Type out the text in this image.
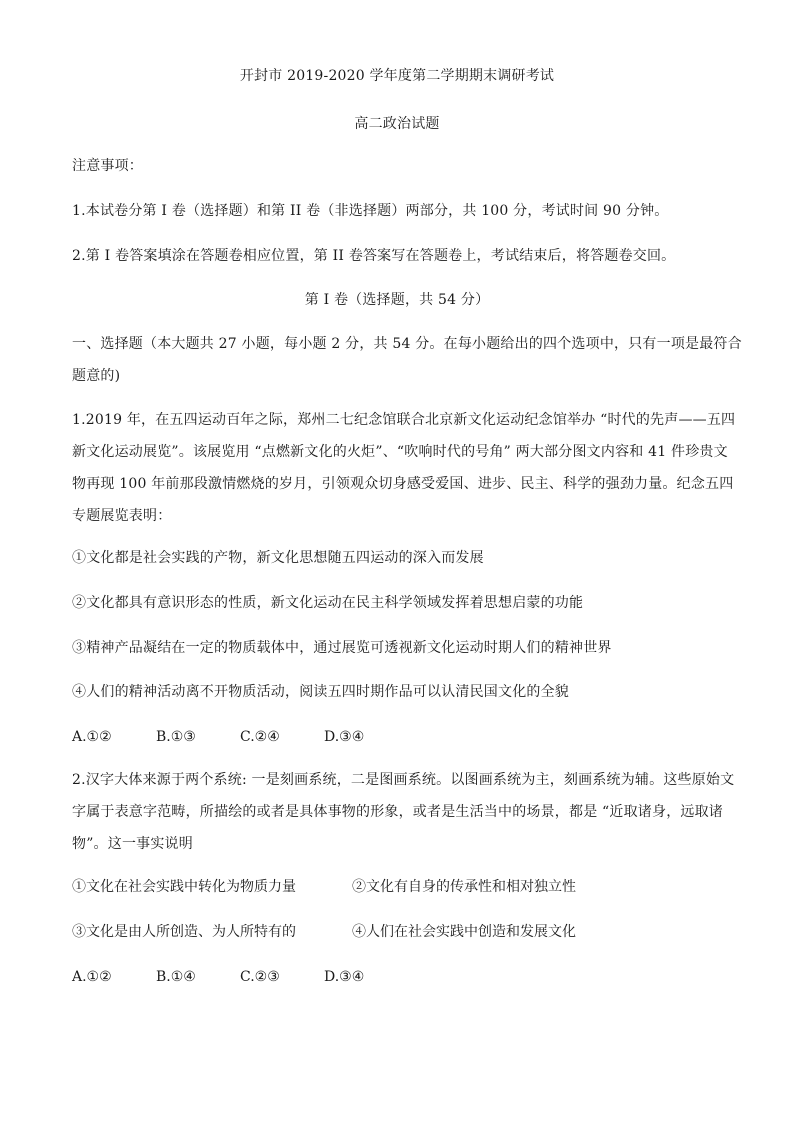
开封市 2019-2020 学年度第二学期期末调研考试
高二政治试题
注意事项：
1.本试卷分第 I 卷（选择题）和第 II 卷（非选择题）两部分，共 100 分，考试时间 90 分钟。
2.第 I 卷答案填涂在答题卷相应位置，第 II 卷答案写在答题卷上，考试结束后，将答题卷交回。
第 I 卷（选择题，共 54 分）
一、选择题（本大题共 27 小题，每小题 2 分，共 54 分。在每小题给出的四个选项中，只有一项是最符合
题意的)
1.2019 年，在五四运动百年之际，郑州二七纪念馆联合北京新文化运动纪念馆举办 “时代的先声——五四
新文化运动展览”。该展览用 “点燃新文化的火炬”、“吹响时代的号角” 两大部分图文内容和 41 件珍贵文
物再现 100 年前那段激情燃烧的岁月，引领观众切身感受爱国、进步、民主、科学的强劲力量。纪念五四
专题展览表明：
①文化都是社会实践的产物，新文化思想随五四运动的深入而发展
②文化都具有意识形态的性质，新文化运动在民主科学领域发挥着思想启蒙的功能
③精神产品凝结在一定的物质载体中，通过展览可透视新文化运动时期人们的精神世界
④人们的精神活动离不开物质活动，阅读五四时期作品可以认清民国文化的全貌
A.①②	B.①③	C.②④	D.③④
2.汉字大体来源于两个系统: 一是刻画系统，二是图画系统。以图画系统为主，刻画系统为辅。这些原始文
字属于表意字范畴，所描绘的或者是具体事物的形象，或者是生活当中的场景，都是 “近取诸身，远取诸
物”。这一事实说明
①文化在社会实践中转化为物质力量	②文化有自身的传承性和相对独立性
③文化是由人所创造、为人所特有的	④人们在社会实践中创造和发展文化
A.①②	B.①④	C.②③	D.③④
